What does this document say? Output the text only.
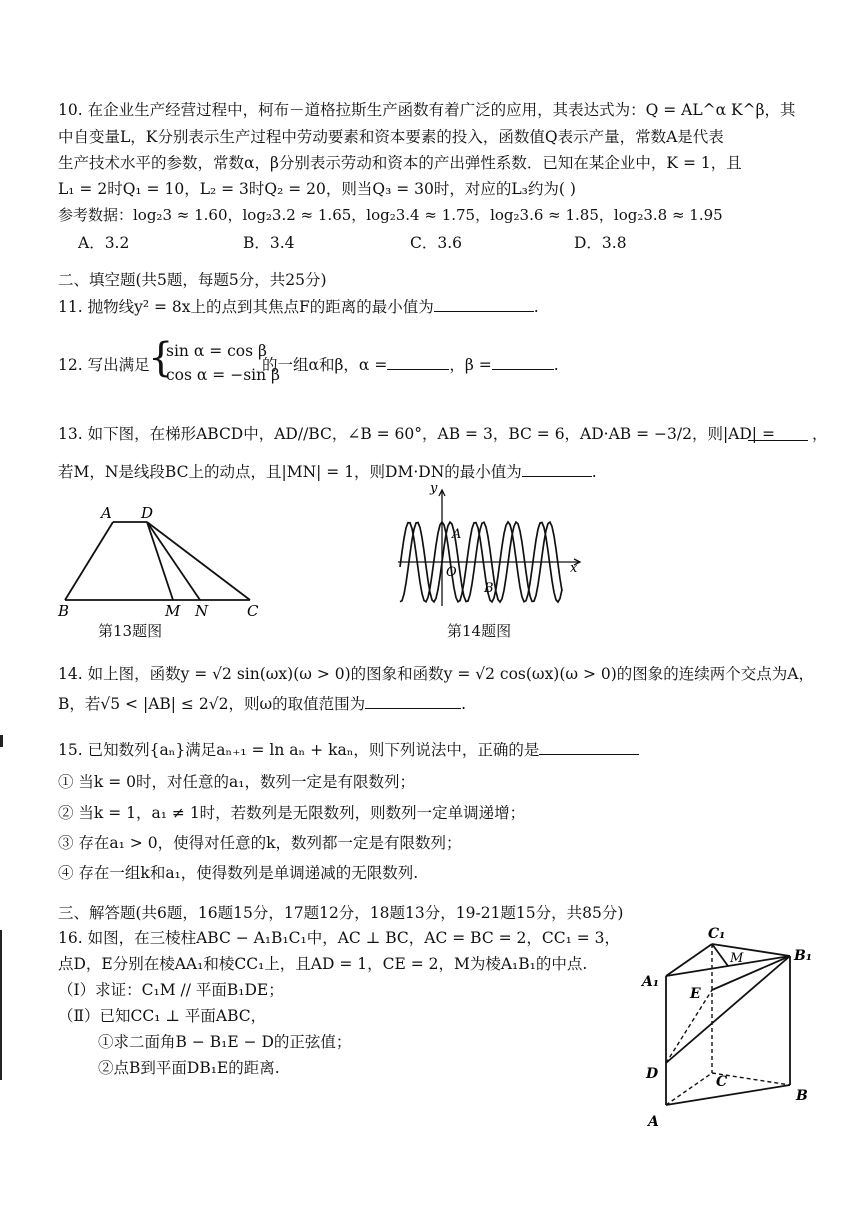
10. 在企业生产经营过程中，柯布－道格拉斯生产函数有着广泛的应用，其表达式为：Q = AL^α K^β，其
中自变量L，K分别表示生产过程中劳动要素和资本要素的投入，函数值Q表示产量，常数A是代表
生产技术水平的参数，常数α，β分别表示劳动和资本的产出弹性系数．已知在某企业中，K = 1，且
L₁ = 2时Q₁ = 10，L₂ = 3时Q₂ = 20，则当Q₃ = 30时，对应的L₃约为( )
参考数据：log₂3 ≈ 1.60，log₂3.2 ≈ 1.65，log₂3.4 ≈ 1.75，log₂3.6 ≈ 1.85，log₂3.8 ≈ 1.95
A．3.2	B．3.4	C．3.6	D．3.8
二、填空题(共5题，每题5分，共25分)
11. 抛物线y² = 8x上的点到其焦点F的距离的最小值为	.
12. 写出满足
{
sin α = cos β
cos α = −sin β
的一组α和β，α =	，β =	.
13. 如下图，在梯形ABCD中，AD//BC，∠B = 60°，AB = 3，BC = 6，AD·AB = −3/2，则|AD| = ，
若M，N是线段BC上的动点，且|MN| = 1，则DM·DN的最小值为	.
A D
B	M N	C
第13题图
y
x
O
A
B
第14题图
14. 如上图，函数y = √2 sin(ωx)(ω > 0)的图象和函数y = √2 cos(ωx)(ω > 0)的图象的连续两个交点为A，
B，若√5 < |AB| ≤ 2√2，则ω的取值范围为	.
15. 已知数列{aₙ}满足aₙ₊₁ = ln aₙ + kaₙ，则下列说法中，正确的是
① 当k = 0时，对任意的a₁，数列一定是有限数列；
② 当k = 1，a₁ ≠ 1时，若数列是无限数列，则数列一定单调递增；
③ 存在a₁ > 0，使得对任意的k，数列都一定是有限数列；
④ 存在一组k和a₁，使得数列是单调递减的无限数列.
三、解答题(共6题，16题15分，17题12分，18题13分，19-21题15分，共85分)
16. 如图，在三棱柱ABC − A₁B₁C₁中，AC ⊥ BC，AC = BC = 2，CC₁ = 3，
点D，E分别在棱AA₁和棱CC₁上，且AD = 1，CE = 2，M为棱A₁B₁的中点.
（Ⅰ）求证：C₁M // 平面B₁DE；
（Ⅱ）已知CC₁ ⊥ 平面ABC，
①求二面角B − B₁E − D的正弦值；
②点B到平面DB₁E的距离.
C₁
M	B₁
A₁
E
D	C
B
A
